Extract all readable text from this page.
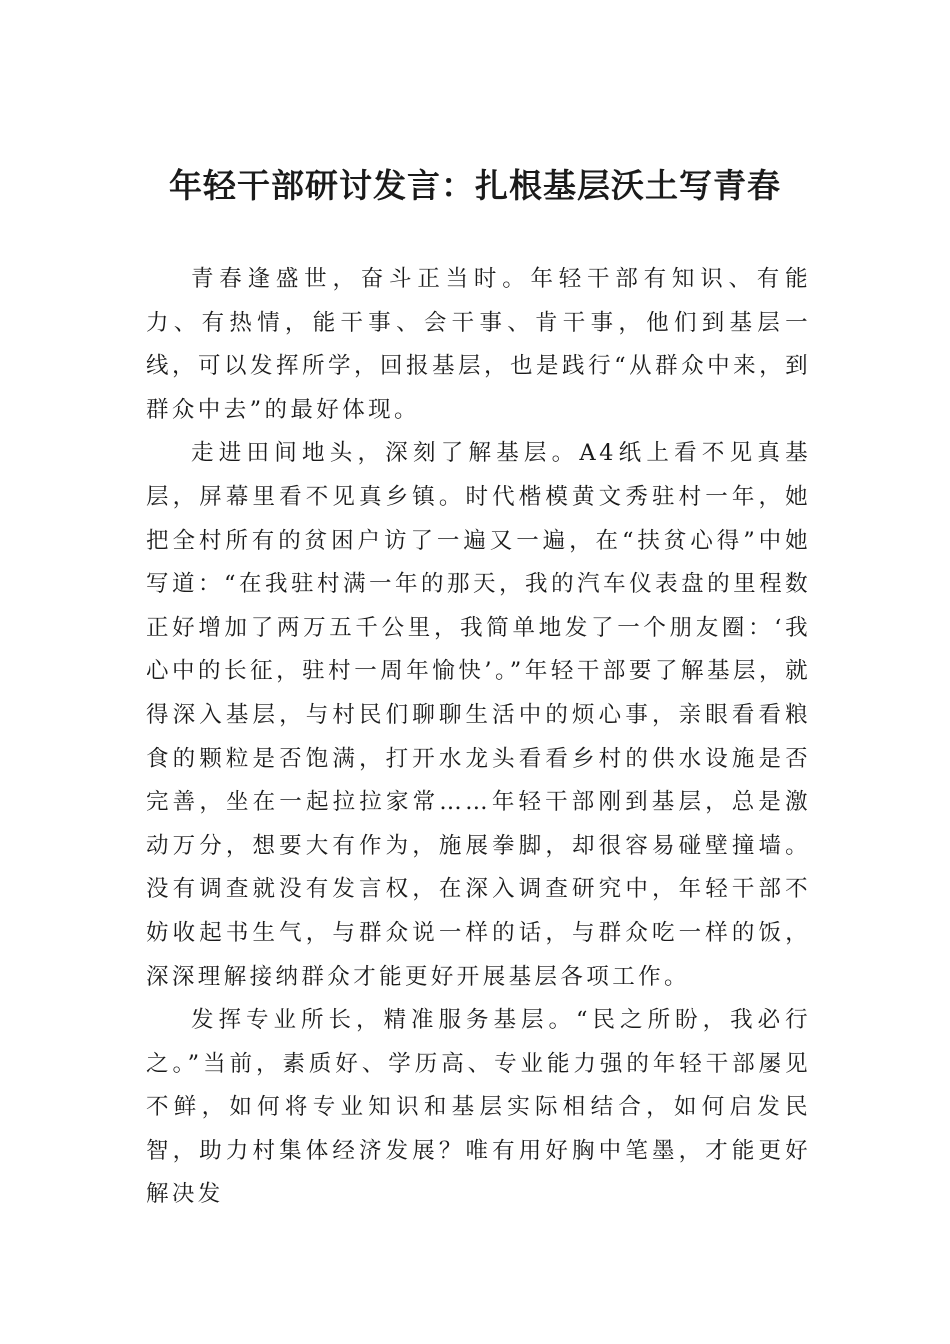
年轻干部研讨发言：扎根基层沃土写青春

青春逢盛世，奋斗正当时。年轻干部有知识、有能力、有热情，能干事、会干事、肯干事，他们到基层一线，可以发挥所学，回报基层，也是践行“从群众中来，到群众中去”的最好体现。

走进田间地头，深刻了解基层。A4纸上看不见真基层，屏幕里看不见真乡镇。时代楷模黄文秀驻村一年，她把全村所有的贫困户访了一遍又一遍，在“扶贫心得”中她写道：“在我驻村满一年的那天，我的汽车仪表盘的里程数正好增加了两万五千公里，我简单地发了一个朋友圈：‘我心中的长征，驻村一周年愉快’。”年轻干部要了解基层，就得深入基层，与村民们聊聊生活中的烦心事，亲眼看看粮食的颗粒是否饱满，打开水龙头看看乡村的供水设施是否完善，坐在一起拉拉家常……年轻干部刚到基层，总是激动万分，想要大有作为，施展拳脚，却很容易碰壁撞墙。没有调查就没有发言权，在深入调查研究中，年轻干部不妨收起书生气，与群众说一样的话，与群众吃一样的饭，深深理解接纳群众才能更好开展基层各项工作。

发挥专业所长，精准服务基层。“民之所盼，我必行之。”当前，素质好、学历高、专业能力强的年轻干部屡见不鲜，如何将专业知识和基层实际相结合，如何启发民智，助力村集体经济发展？唯有用好胸中笔墨，才能更好解决发
